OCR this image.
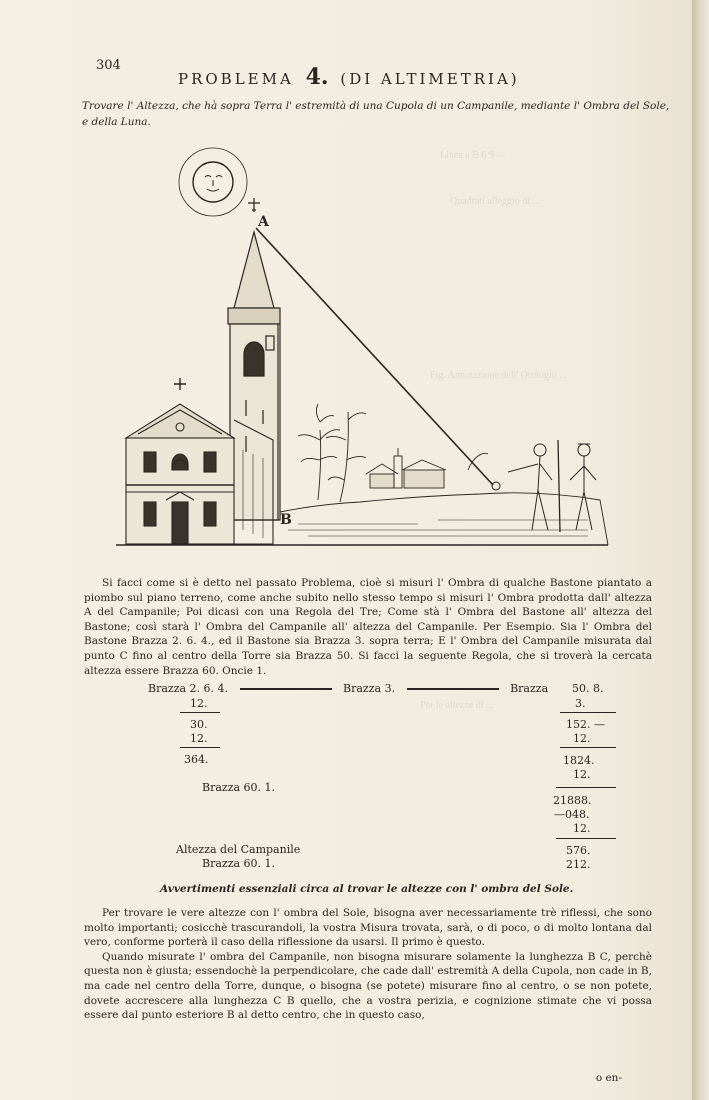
Linea a B 6 9 —
Quadrati alleggio di ...
Fig. Annotazione dell' Orologio ...
Per le altezze di ...
304
PROBLEMA 4. (DI ALTIMETRIA)
Trovare l' Altezza, che hà sopra Terra l' estremità di una Cupola di un Campanile, mediante l' Ombra del Sole, e della Luna.
A
B

Si facci come si è detto nel passato Problema, cioè si misuri l' Ombra di qualche Bastone piantato a piombo sul piano terreno, come anche subito nello stesso tempo si misuri l' Ombra prodotta dall' altezza A del Campanile; Poi dicasi con una Regola del Tre; Come stà l' Ombra del Bastone all' altezza del Bastone; così starà l' Ombra del Campanile all' altezza del Campanile. Per Esempio. Sia l' Ombra del Bastone Brazza 2. 6. 4., ed il Bastone sia Brazza 3. sopra terra; E l' Ombra del Campanile misurata dal punto C fino al centro della Torre sia Brazza 50. Si facci la seguente Regola, che si troverà la cercata altezza essere Brazza 60. Oncie 1.

Brazza 2. 6. 4.	Brazza 3.	Brazza 50. 8.
12.
30.
12.
364.
Brazza 60. 1.
3.
152. —
12.
1824.
12.
21888.
—048.
12.
576.
212.
Altezza del Campanile
Brazza 60. 1.
Avvertimenti essenziali circa al trovar le altezze con l' ombra del Sole.

Per trovare le vere altezze con l' ombra del Sole, bisogna aver necessariamente trè riflessi, che sono molto importanti; cosicchè trascurandoli, la vostra Misura trovata, sarà, o di poco, o di molto lontana dal vero, conforme porterà il caso della riflessione da usarsi. Il primo è questo.

Quando misurate l' ombra del Campanile, non bisogna misurare solamente la lunghezza B C, perchè questa non è giusta; essendochè la perpendicolare, che cade dall' estremità A della Cupola, non cade in B, ma cade nel centro della Torre, dunque, o bisogna (se potete) misurare fino al centro, o se non potete, dovete accrescere alla lunghezza C B quello, che a vostra perizia, e cognizione stimate che vi possa essere dal punto esteriore B al detto centro, che in questo caso,

o en-
